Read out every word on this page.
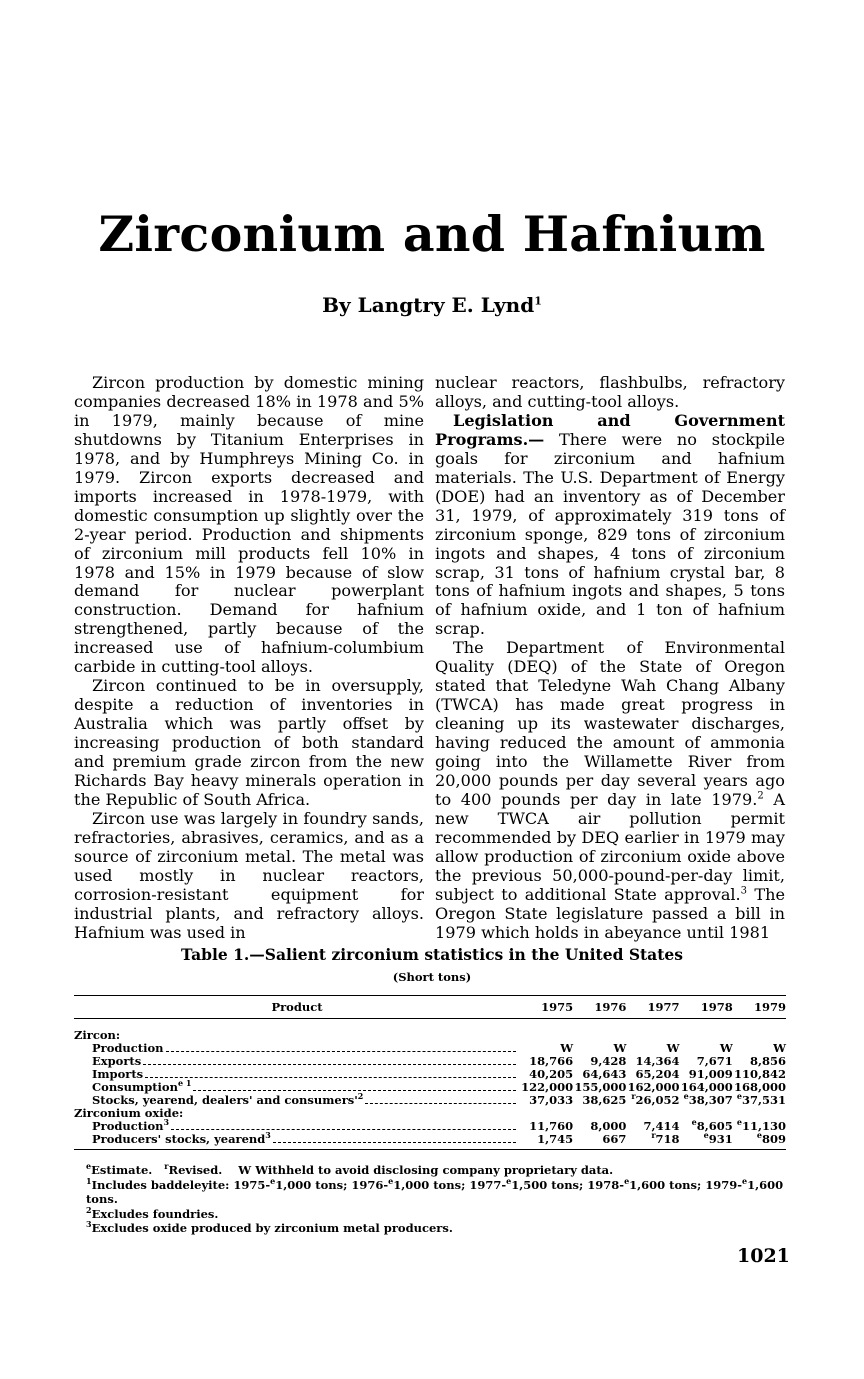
Zirconium and Hafnium
By Langtry E. Lynd$^1$

Zircon production by domestic mining companies decreased 18% in 1978 and 5% in 1979, mainly because of mine shutdowns by Titanium Enterprises in 1978, and by Humphreys Mining Co. in 1979. Zircon exports decreased and imports increased in 1978-1979, with domestic consumption up slightly over the 2-year period. Production and shipments of zirconium mill products fell 10% in 1978 and 15% in 1979 because of slow demand for nuclear powerplant construction. Demand for hafnium strengthened, partly because of the increased use of hafnium-columbium carbide in cutting-tool alloys.

Zircon continued to be in oversupply, despite a reduction of inventories in Australia which was partly offset by increasing production of both standard and premium grade zircon from the new Richards Bay heavy minerals operation in the Republic of South Africa.

Zircon use was largely in foundry sands, refractories, abrasives, ceramics, and as a source of zirconium metal. The metal was used mostly in nuclear reactors, corrosion-resistant equipment for industrial plants, and refractory alloys. Hafnium was used in

nuclear reactors, flashbulbs, refractory alloys, and cutting-tool alloys.

Legislation and Government Programs.— There were no stockpile goals for zirconium and hafnium materials. The U.S. Department of Energy (DOE) had an inventory as of December 31, 1979, of approximately 319 tons of zirconium sponge, 829 tons of zirconium ingots and shapes, 4 tons of zirconium scrap, 31 tons of hafnium crystal bar, 8 tons of hafnium ingots and shapes, 5 tons of hafnium oxide, and 1 ton of hafnium scrap.

The Department of Environmental Quality (DEQ) of the State of Oregon stated that Teledyne Wah Chang Albany (TWCA) has made great progress in cleaning up its wastewater discharges, having reduced the amount of ammonia going into the Willamette River from 20,000 pounds per day several years ago to 400 pounds per day in late 1979.$^2$ A new TWCA air pollution permit recommended by DEQ earlier in 1979 may allow production of zirconium oxide above the previous 50,000-pound-per-day limit, subject to additional State approval.$^3$ The Oregon State legislature passed a bill in 1979 which holds in abeyance until 1981

Table 1.—Salient zirconium statistics in the United States
(Short tons)
Product	1975	1976	1977	1978	1979
Zircon:					

Production	W	W	W	W	W

Exports	18,766	9,428	14,364	7,671	8,856

Imports	40,205	64,643	65,204	91,009	110,842

Consumption$^{e 1}$	122,000	155,000	162,000	164,000	168,000

Stocks, yearend, dealers' and $consumers'^2$	37,033	38,625	$^r$26,052	$^e$38,307	$^e$37,531
Zirconium oxide:					

Production$^3$	11,760	8,000	7,414	$^e$8,605	$^e$11,130

Producers' stocks, yearend$^3$	1,745	667	$^r$718	$^e$931	$^e$809

$^e$Estimate. $^r$Revised. W Withheld to avoid disclosing company proprietary data.

$^1$Includes baddeleyite: 1975-$^e$1,000 tons; 1976-$^e$1,000 tons; 1977-$^e$1,500 tons; 1978-$^e$1,600 tons; 1979-$^e$1,600 tons.

$^2$Excludes foundries.

$^3$Excludes oxide produced by zirconium metal producers.

1021
